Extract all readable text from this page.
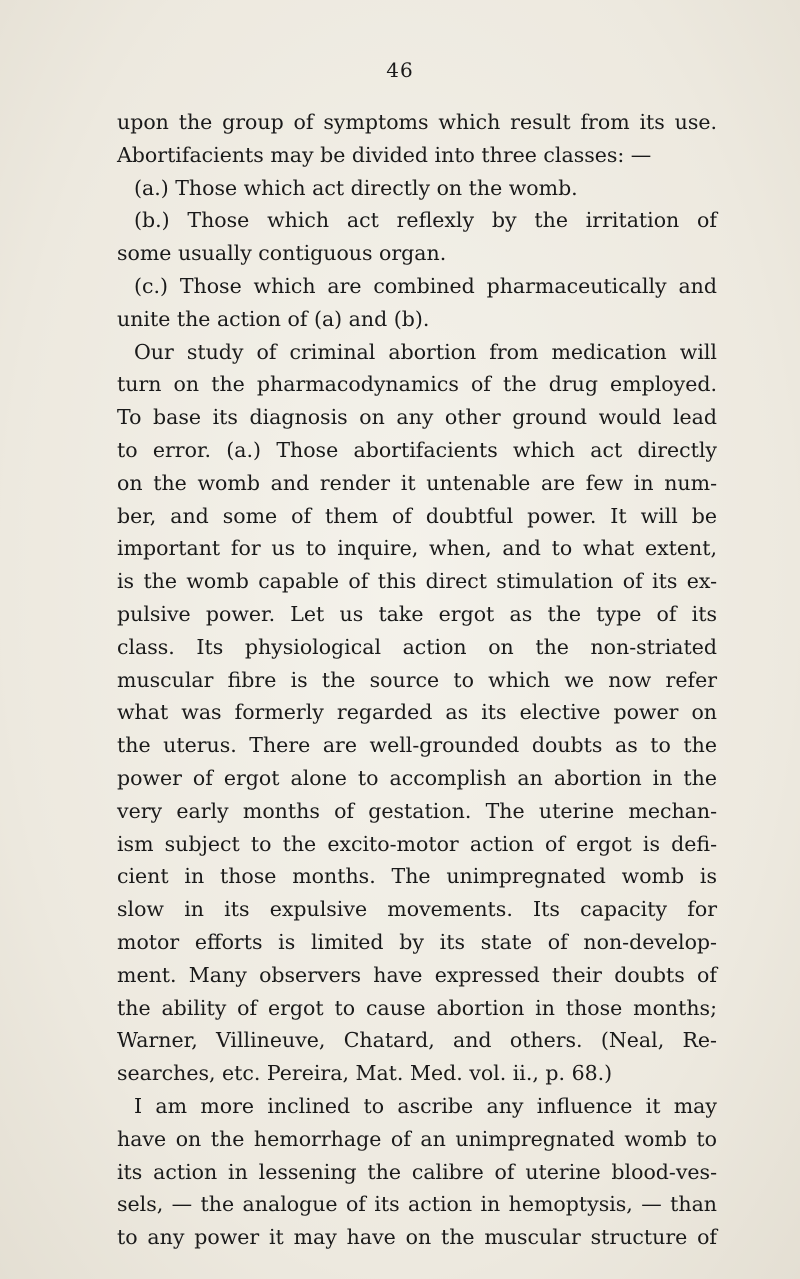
46
upon the group of symptoms which result from its use.
Abortifacients may be divided into three classes: —
(a.) Those which act directly on the womb.
(b.) Those which act reflexly by the irritation of
some usually contiguous organ.
(c.) Those which are combined pharmaceutically and
unite the action of (a) and (b).
Our study of criminal abortion from medication will
turn on the pharmacodynamics of the drug employed.
To base its diagnosis on any other ground would lead
to error. (a.) Those abortifacients which act directly
on the womb and render it untenable are few in num-
ber, and some of them of doubtful power. It will be
important for us to inquire, when, and to what extent,
is the womb capable of this direct stimulation of its ex-
pulsive power. Let us take ergot as the type of its
class. Its physiological action on the non-striated
muscular fibre is the source to which we now refer
what was formerly regarded as its elective power on
the uterus. There are well-grounded doubts as to the
power of ergot alone to accomplish an abortion in the
very early months of gestation. The uterine mechan-
ism subject to the excito-motor action of ergot is defi-
cient in those months. The unimpregnated womb is
slow in its expulsive movements. Its capacity for
motor efforts is limited by its state of non-develop-
ment. Many observers have expressed their doubts of
the ability of ergot to cause abortion in those months;
Warner, Villineuve, Chatard, and others. (Neal, Re-
searches, etc. Pereira, Mat. Med. vol. ii., p. 68.)
I am more inclined to ascribe any influence it may
have on the hemorrhage of an unimpregnated womb to
its action in lessening the calibre of uterine blood-ves-
sels, — the analogue of its action in hemoptysis, — than
to any power it may have on the muscular structure of
